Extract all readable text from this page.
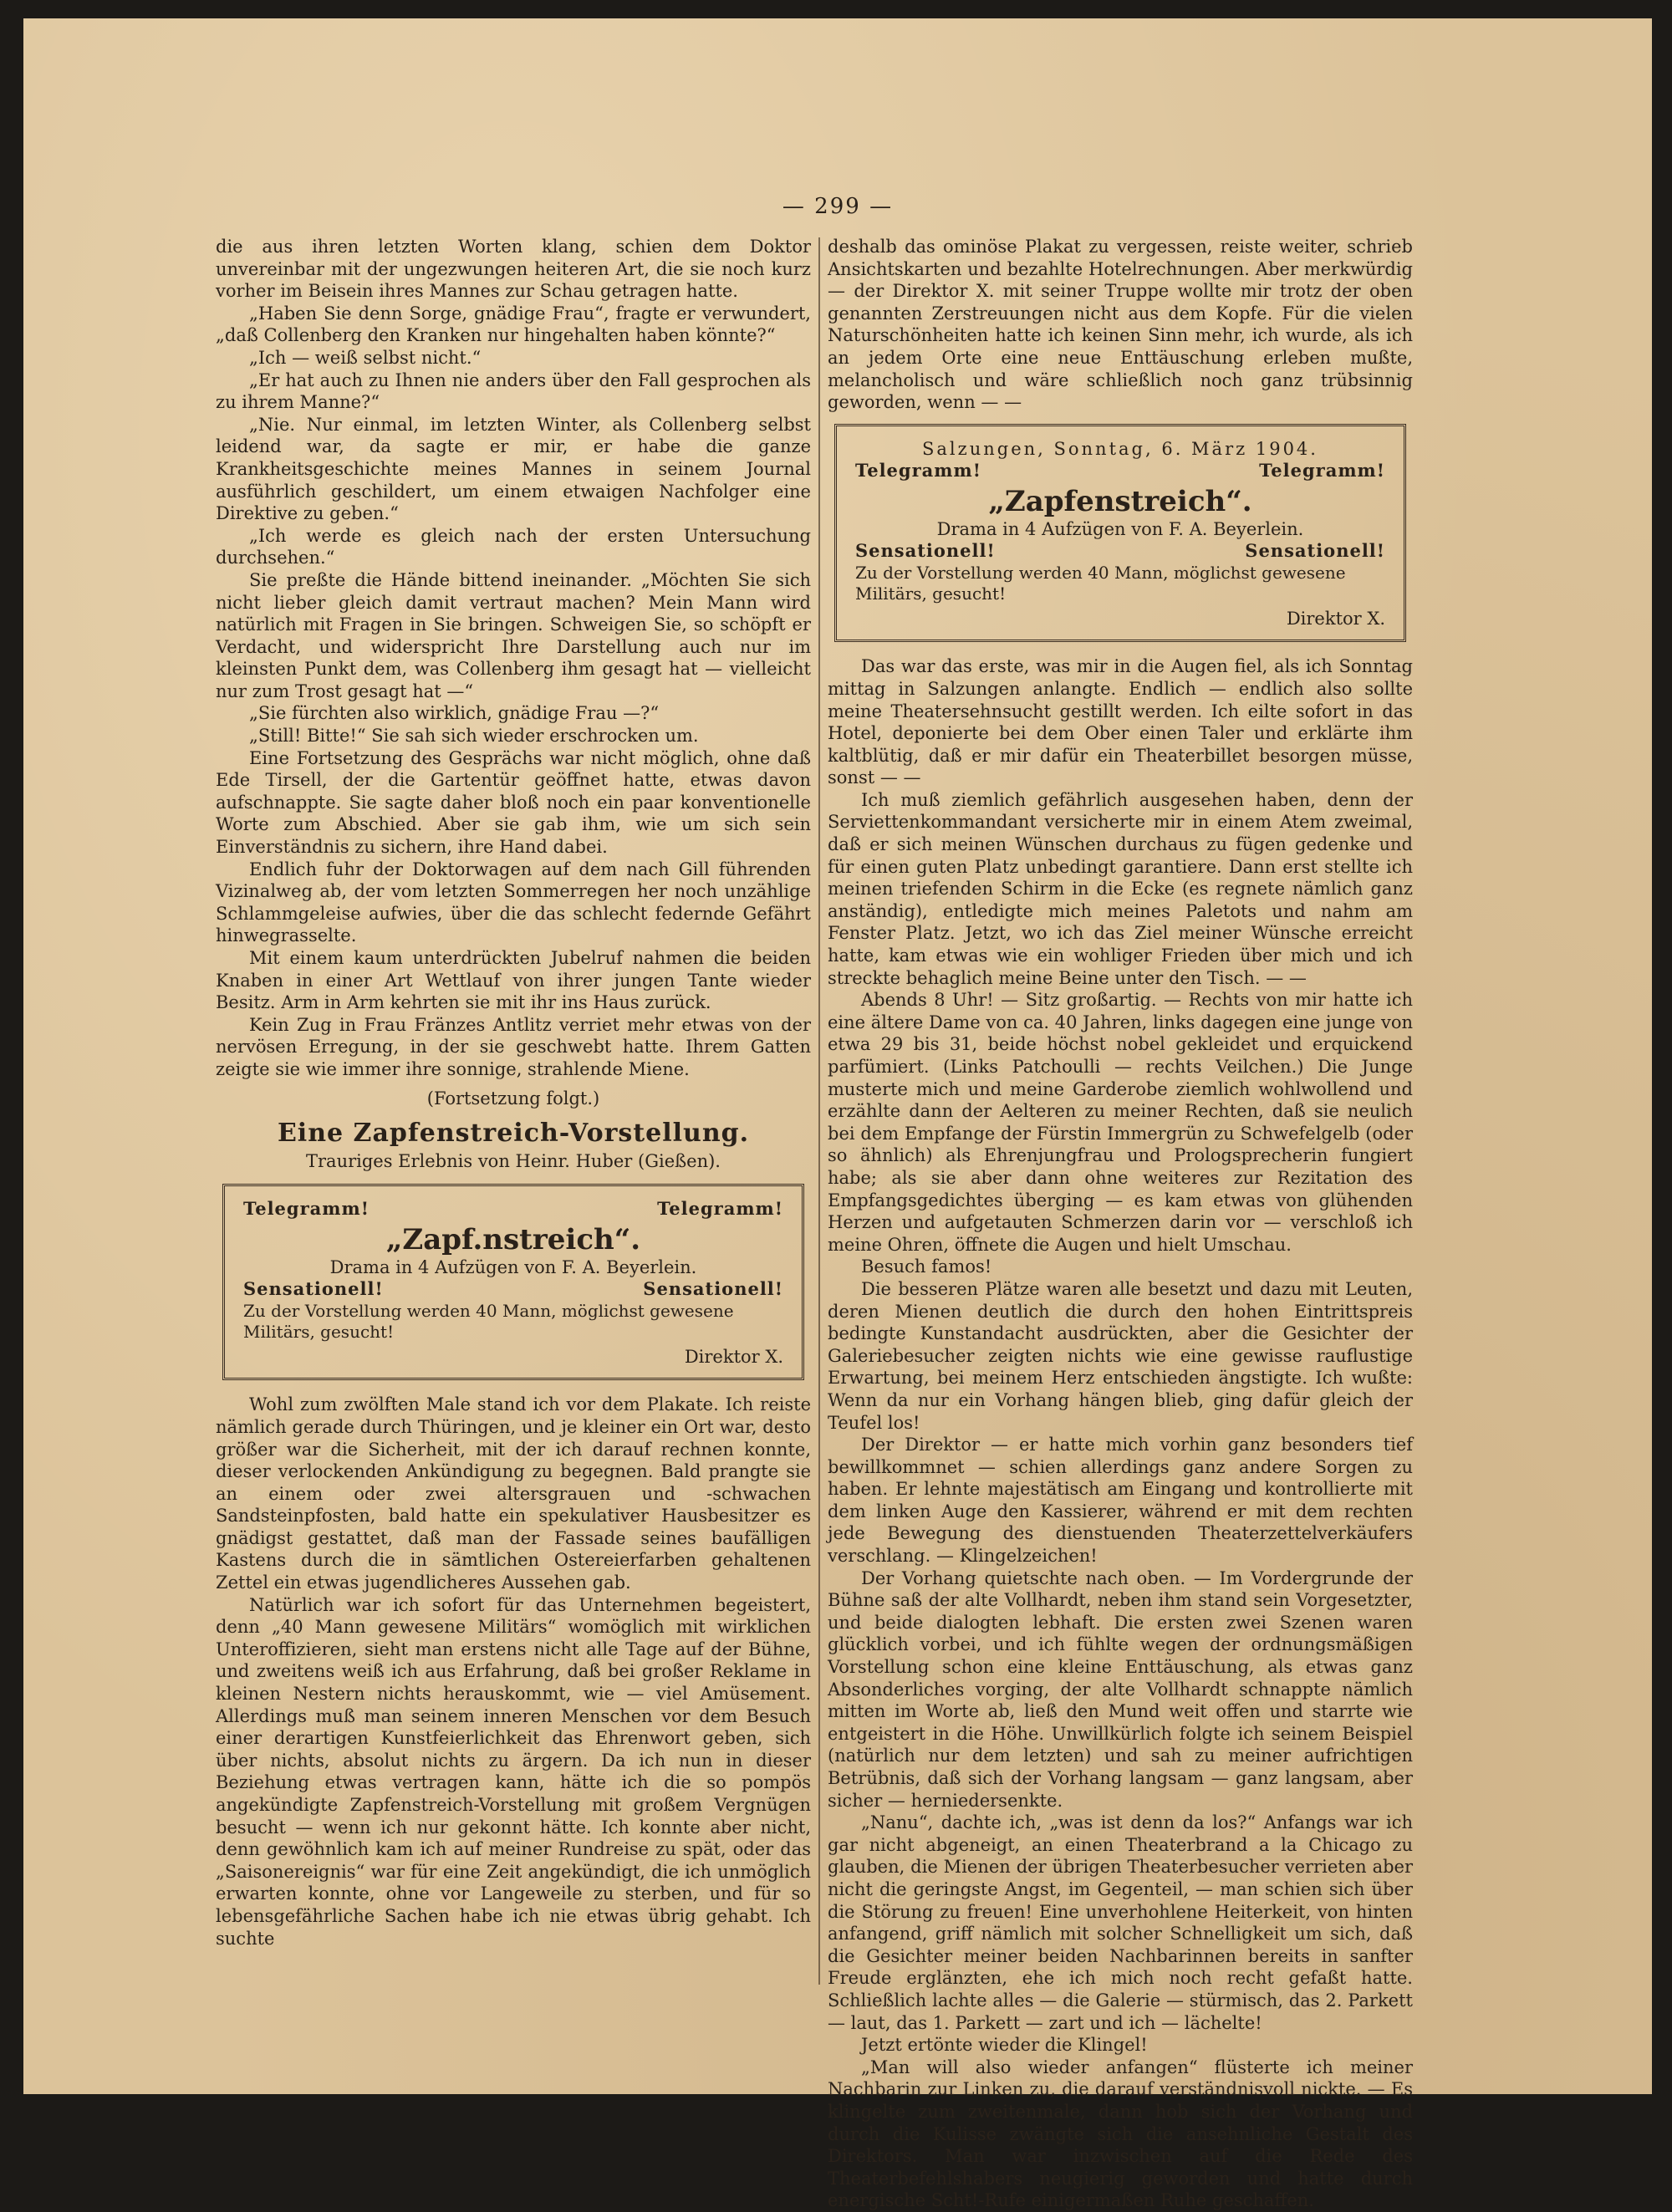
— 299 —

die aus ihren letzten Worten klang, schien dem Doktor unvereinbar mit der ungezwungen heiteren Art, die sie noch kurz vorher im Beisein ihres Mannes zur Schau getragen hatte.

„Haben Sie denn Sorge, gnädige Frau“, fragte er verwundert, „daß Collenberg den Kranken nur hingehalten haben könnte?“

„Ich — weiß selbst nicht.“

„Er hat auch zu Ihnen nie anders über den Fall gesprochen als zu ihrem Manne?“

„Nie. Nur einmal, im letzten Winter, als Collenberg selbst leidend war, da sagte er mir, er habe die ganze Krankheitsgeschichte meines Mannes in seinem Journal ausführlich geschildert, um einem etwaigen Nachfolger eine Direktive zu geben.“

„Ich werde es gleich nach der ersten Untersuchung durchsehen.“

Sie preßte die Hände bittend ineinander. „Möchten Sie sich nicht lieber gleich damit vertraut machen? Mein Mann wird natürlich mit Fragen in Sie bringen. Schweigen Sie, so schöpft er Verdacht, und widerspricht Ihre Darstellung auch nur im kleinsten Punkt dem, was Collenberg ihm gesagt hat — vielleicht nur zum Trost gesagt hat —“

„Sie fürchten also wirklich, gnädige Frau —?“

„Still! Bitte!“ Sie sah sich wieder erschrocken um.

Eine Fortsetzung des Gesprächs war nicht möglich, ohne daß Ede Tirsell, der die Gartentür geöffnet hatte, etwas davon aufschnappte. Sie sagte daher bloß noch ein paar konventionelle Worte zum Abschied. Aber sie gab ihm, wie um sich sein Einverständnis zu sichern, ihre Hand dabei.

Endlich fuhr der Doktorwagen auf dem nach Gill führenden Vizinalweg ab, der vom letzten Sommerregen her noch unzählige Schlammgeleise aufwies, über die das schlecht federnde Gefährt hinwegrasselte.

Mit einem kaum unterdrückten Jubelruf nahmen die beiden Knaben in einer Art Wettlauf von ihrer jungen Tante wieder Besitz. Arm in Arm kehrten sie mit ihr ins Haus zurück.

Kein Zug in Frau Fränzes Antlitz verriet mehr etwas von der nervösen Erregung, in der sie geschwebt hatte. Ihrem Gatten zeigte sie wie immer ihre sonnige, strahlende Miene.

(Fortsetzung folgt.)
Eine Zapfenstreich-Vorstellung.
Trauriges Erlebnis von Heinr. Huber (Gießen).
Telegramm!	Telegramm!
„Zapf.nstreich“.
Drama in 4 Aufzügen von F. A. Beyerlein.
Sensationell!	Sensationell!
Zu der Vorstellung werden 40 Mann, möglichst gewesene Militärs, gesucht!
Direktor X.

Wohl zum zwölften Male stand ich vor dem Plakate. Ich reiste nämlich gerade durch Thüringen, und je kleiner ein Ort war, desto größer war die Sicherheit, mit der ich darauf rechnen konnte, dieser verlockenden Ankündigung zu begegnen. Bald prangte sie an einem oder zwei altersgrauen und -schwachen Sandsteinpfosten, bald hatte ein spekulativer Hausbesitzer es gnädigst gestattet, daß man der Fassade seines baufälligen Kastens durch die in sämtlichen Ostereierfarben gehaltenen Zettel ein etwas jugendlicheres Aussehen gab.

Natürlich war ich sofort für das Unternehmen begeistert, denn „40 Mann gewesene Militärs“ womöglich mit wirklichen Unteroffizieren, sieht man erstens nicht alle Tage auf der Bühne, und zweitens weiß ich aus Erfahrung, daß bei großer Reklame in kleinen Nestern nichts herauskommt, wie — viel Amüsement. Allerdings muß man seinem inneren Menschen vor dem Besuch einer derartigen Kunstfeierlichkeit das Ehrenwort geben, sich über nichts, absolut nichts zu ärgern. Da ich nun in dieser Beziehung etwas vertragen kann, hätte ich die so pompös angekündigte Zapfenstreich-Vorstellung mit großem Vergnügen besucht — wenn ich nur gekonnt hätte. Ich konnte aber nicht, denn gewöhnlich kam ich auf meiner Rundreise zu spät, oder das „Saisonereignis“ war für eine Zeit angekündigt, die ich unmöglich erwarten konnte, ohne vor Langeweile zu sterben, und für so lebensgefährliche Sachen habe ich nie etwas übrig gehabt. Ich suchte

deshalb das ominöse Plakat zu vergessen, reiste weiter, schrieb Ansichtskarten und bezahlte Hotelrechnungen. Aber merkwürdig — der Direktor X. mit seiner Truppe wollte mir trotz der oben genannten Zerstreuungen nicht aus dem Kopfe. Für die vielen Naturschönheiten hatte ich keinen Sinn mehr, ich wurde, als ich an jedem Orte eine neue Enttäuschung erleben mußte, melancholisch und wäre schließlich noch ganz trübsinnig geworden, wenn — —

Salzungen, Sonntag, 6. März 1904.
Telegramm!	Telegramm!
„Zapfenstreich“.
Drama in 4 Aufzügen von F. A. Beyerlein.
Sensationell!	Sensationell!
Zu der Vorstellung werden 40 Mann, möglichst gewesene Militärs, gesucht!
Direktor X.

Das war das erste, was mir in die Augen fiel, als ich Sonntag mittag in Salzungen anlangte. Endlich — endlich also sollte meine Theatersehnsucht gestillt werden. Ich eilte sofort in das Hotel, deponierte bei dem Ober einen Taler und erklärte ihm kaltblütig, daß er mir dafür ein Theaterbillet besorgen müsse, sonst — —

Ich muß ziemlich gefährlich ausgesehen haben, denn der Serviettenkommandant versicherte mir in einem Atem zweimal, daß er sich meinen Wünschen durchaus zu fügen gedenke und für einen guten Platz unbedingt garantiere. Dann erst stellte ich meinen triefenden Schirm in die Ecke (es regnete nämlich ganz anständig), entledigte mich meines Paletots und nahm am Fenster Platz. Jetzt, wo ich das Ziel meiner Wünsche erreicht hatte, kam etwas wie ein wohliger Frieden über mich und ich streckte behaglich meine Beine unter den Tisch. — —

Abends 8 Uhr! — Sitz großartig. — Rechts von mir hatte ich eine ältere Dame von ca. 40 Jahren, links dagegen eine junge von etwa 29 bis 31, beide höchst nobel gekleidet und erquickend parfümiert. (Links Patchoulli — rechts Veilchen.) Die Junge musterte mich und meine Garderobe ziemlich wohlwollend und erzählte dann der Aelteren zu meiner Rechten, daß sie neulich bei dem Empfange der Fürstin Immergrün zu Schwefelgelb (oder so ähnlich) als Ehrenjungfrau und Prologsprecherin fungiert habe; als sie aber dann ohne weiteres zur Rezitation des Empfangsgedichtes überging — es kam etwas von glühenden Herzen und aufgetauten Schmerzen darin vor — verschloß ich meine Ohren, öffnete die Augen und hielt Umschau.

Besuch famos!

Die besseren Plätze waren alle besetzt und dazu mit Leuten, deren Mienen deutlich die durch den hohen Eintrittspreis bedingte Kunstandacht ausdrückten, aber die Gesichter der Galeriebesucher zeigten nichts wie eine gewisse rauflustige Erwartung, bei meinem Herz entschieden ängstigte. Ich wußte: Wenn da nur ein Vorhang hängen blieb, ging dafür gleich der Teufel los!

Der Direktor — er hatte mich vorhin ganz besonders tief bewillkommnet — schien allerdings ganz andere Sorgen zu haben. Er lehnte majestätisch am Eingang und kontrollierte mit dem linken Auge den Kassierer, während er mit dem rechten jede Bewegung des dienstuenden Theaterzettelverkäufers verschlang. — Klingelzeichen!

Der Vorhang quietschte nach oben. — Im Vordergrunde der Bühne saß der alte Vollhardt, neben ihm stand sein Vorgesetzter, und beide dialogten lebhaft. Die ersten zwei Szenen waren glücklich vorbei, und ich fühlte wegen der ordnungsmäßigen Vorstellung schon eine kleine Enttäuschung, als etwas ganz Absonderliches vorging, der alte Vollhardt schnappte nämlich mitten im Worte ab, ließ den Mund weit offen und starrte wie entgeistert in die Höhe. Unwillkürlich folgte ich seinem Beispiel (natürlich nur dem letzten) und sah zu meiner aufrichtigen Betrübnis, daß sich der Vorhang langsam — ganz langsam, aber sicher — herniedersenkte.

„Nanu“, dachte ich, „was ist denn da los?“ Anfangs war ich gar nicht abgeneigt, an einen Theaterbrand a la Chicago zu glauben, die Mienen der übrigen Theaterbesucher verrieten aber nicht die geringste Angst, im Gegenteil, — man schien sich über die Störung zu freuen! Eine unverhohlene Heiterkeit, von hinten anfangend, griff nämlich mit solcher Schnelligkeit um sich, daß die Gesichter meiner beiden Nachbarinnen bereits in sanfter Freude erglänzten, ehe ich mich noch recht gefaßt hatte. Schließlich lachte alles — die Galerie — stürmisch, das 2. Parkett — laut, das 1. Parkett — zart und ich — lächelte!

Jetzt ertönte wieder die Klingel!

„Man will also wieder anfangen“ flüsterte ich meiner Nachbarin zur Linken zu, die darauf verständnisvoll nickte. — Es klingelte zum zweitenmale, dann hob sich der Vorhang und durch die Kulisse zwängte sich die ansehnliche Gestalt des Direktors. Man war inzwischen auf die Rede des Theaterbefehlshabers neugierig geworden und hatte durch energische Scht!-Rufe einigermaßen Ruhe geschaffen.
